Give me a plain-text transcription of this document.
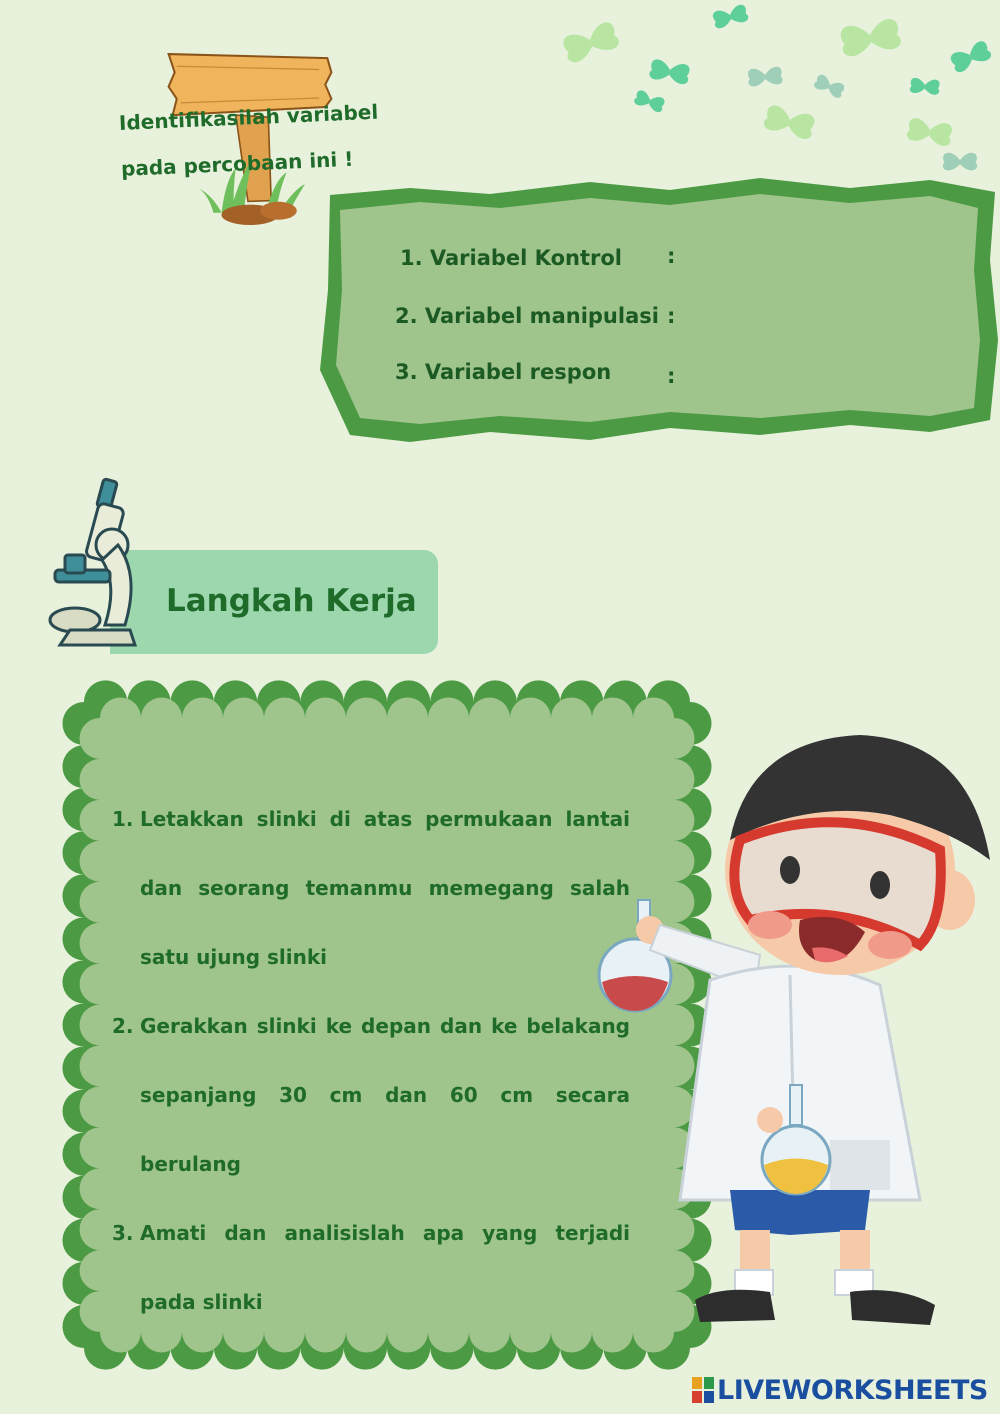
Identifikasilah variabel
pada percobaan ini !
1. Variabel Kontrol :
2. Variabel manipulasi :
3. Variabel respon	:
Langkah Kerja
1. Letakkan slinki di atas permukaan lantai dan seorang temanmu memegang salah satu ujung slinki
2. Gerakkan slinki ke depan dan ke belakang sepanjang 30 cm dan 60 cm secara berulang
3. Amati dan analisislah apa yang terjadi pada slinki
LIVEWORKSHEETS
